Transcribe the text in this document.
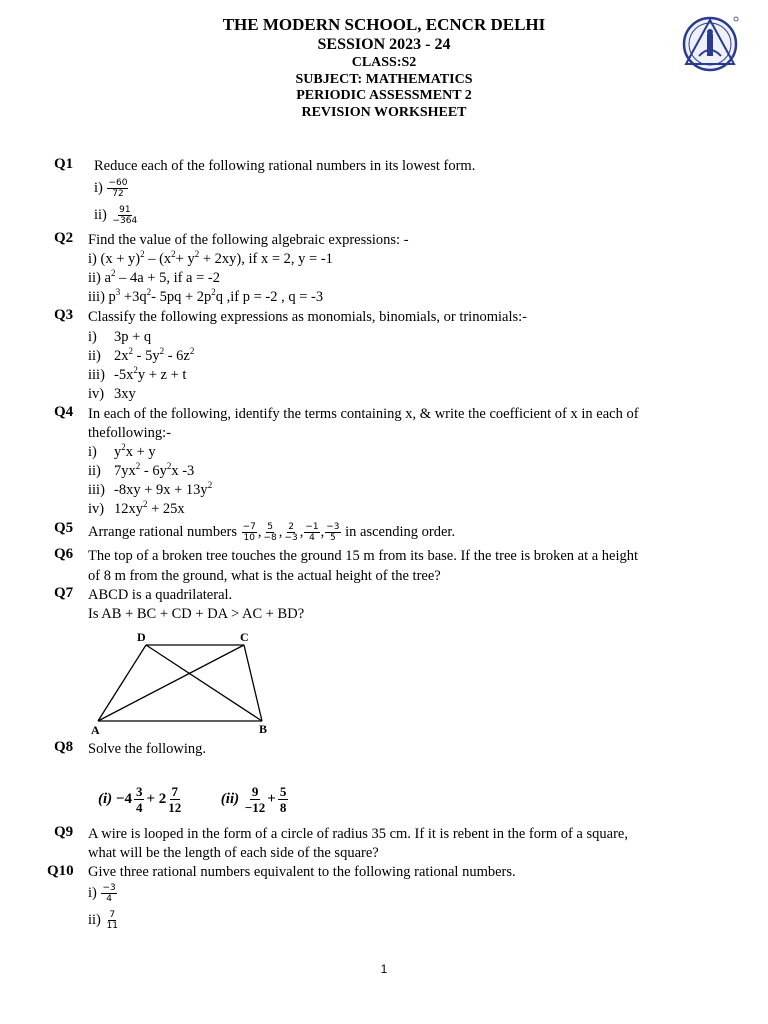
THE MODERN SCHOOL, ECNCR DELHI
SESSION 2023 - 24
CLASS:S2
SUBJECT: MATHEMATICS
PERIODIC ASSESSMENT 2
REVISION WORKSHEET
Q1 Reduce each of the following rational numbers in its lowest form.
$i) \frac{-60}{72}$
$ii) \frac{91}{-364}$
Q2 Find the value of the following algebraic expressions: -
i) $(x + y)^2 - (x^2+ y^2 + 2xy)$, if x = 2, y = -1
ii) $a^2 - 4a + 5$, if a = -2
iii) $p^3 +3q^2-$ $5pq + 2p^2q$ ,if p = -2 , q = -3
Q3 Classify the following expressions as monomials, binomials, or trinomials:-
i) 3p + q
ii) $2x^2 - 5y^2 - 6z^2$
iii) $-5x^2y + z + t$
iv) 3xy
Q4 In each of the following, identify the terms containing x, & write the coefficient of x in each of
thefollowing:-
i) $y^2x + y$
ii) $7yx^2 - 6y^2x$ -3
iii) $-8xy + 9x + 13y^2$
iv) $12xy^2 + 25x$
Q5 Arrange rational numbers $\frac{-7}{10}$ , $\frac{5}{-8}$ , $\frac{2}{-3}$ , $\frac{-1}{4}$ , $\frac{-3}{5}$ in ascending order.
Q6 The top of a broken tree touches the ground 15 m from its base. If the tree is broken at a height
of 8 m from the ground, what is the actual height of the tree?
Q7 ABCD is a quadrilateral.
Is AB + BC + CD + DA > AC + BD?
D	C
A	B
Q8 Solve the following.
$(i) -4 \frac{3}{4} + 2 \frac{7}{12}$	$(ii) \frac{9}{-12} + \frac{5}{8}$
Q9 A wire is looped in the form of a circle of radius 35 cm. If it is rebent in the form of a square,
what will be the length of each side of the square?
Q10 Give three rational numbers equivalent to the following rational numbers.
$i) \frac{-3}{4}$
$ii) \frac{7}{11}$
1
